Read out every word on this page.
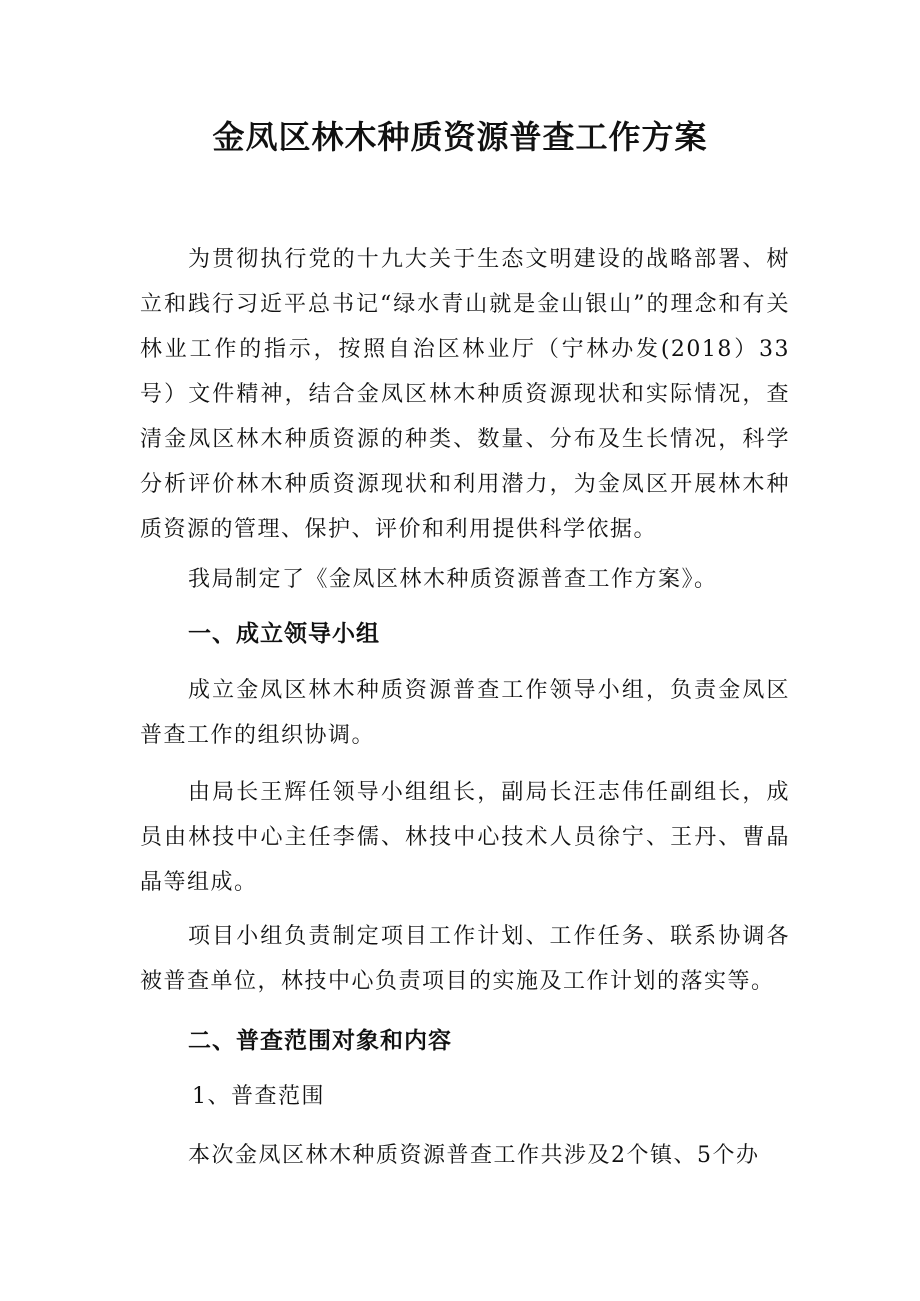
金凤区林木种质资源普查工作方案

为贯彻执行党的十九大关于生态文明建设的战略部署、树立和践行习近平总书记“绿水青山就是金山银山”的理念和有关林业工作的指示，按照自治区林业厅（宁林办发(2018）33号）文件精神，结合金凤区林木种质资源现状和实际情况，查清金凤区林木种质资源的种类、数量、分布及生长情况，科学分析评价林木种质资源现状和利用潜力，为金凤区开展林木种质资源的管理、保护、评价和利用提供科学依据。

我局制定了《金凤区林木种质资源普查工作方案》。

一、成立领导小组

成立金凤区林木种质资源普查工作领导小组，负责金凤区普查工作的组织协调。

由局长王辉任领导小组组长，副局长汪志伟任副组长，成员由林技中心主任李儒、林技中心技术人员徐宁、王丹、曹晶晶等组成。

项目小组负责制定项目工作计划、工作任务、联系协调各被普查单位，林技中心负责项目的实施及工作计划的落实等。

二、普查范围对象和内容

1、普查范围

本次金凤区林木种质资源普查工作共涉及2个镇、5个办
